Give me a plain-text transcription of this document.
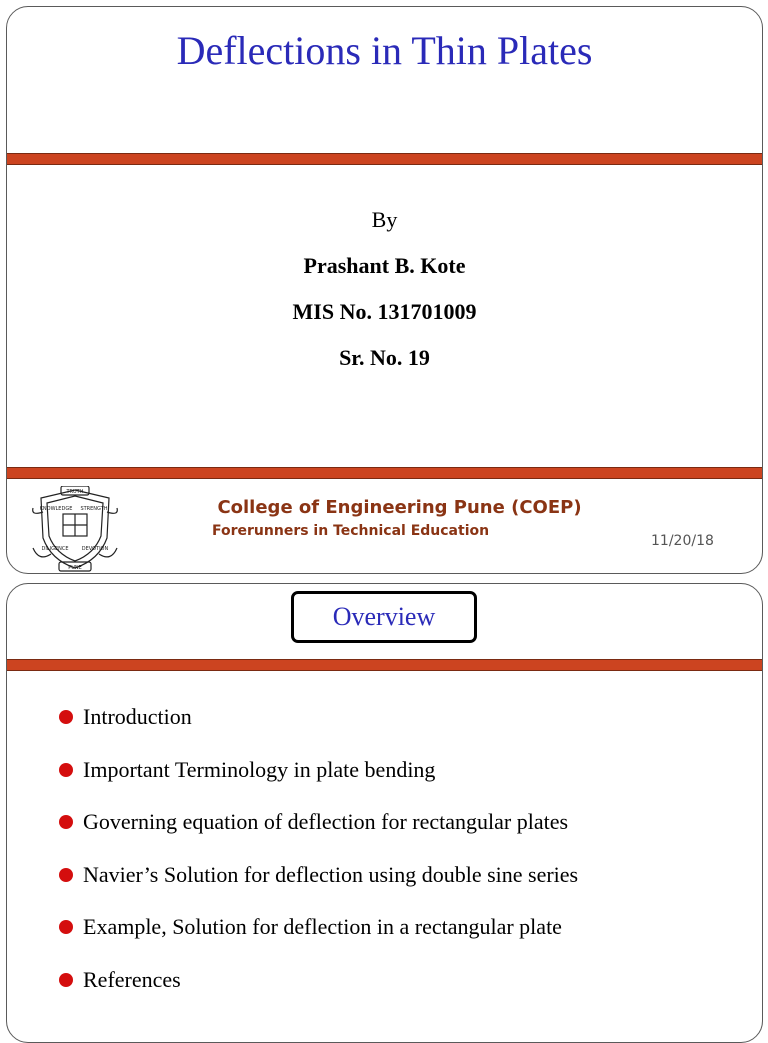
Deflections in Thin Plates
By
Prashant B. Kote
MIS No. 131701009
Sr. No. 19
TRUTH
KNOWLEDGE STRENGTH
DILIGENCE	DEVOTION
PUNE
College of Engineering Pune (COEP)
Forerunners in Technical Education
11/20/18
Overview
Introduction
Important Terminology in plate bending
Governing equation of deflection for rectangular plates
Navier’s Solution for deflection using double sine series
Example, Solution for deflection in a rectangular plate
References
